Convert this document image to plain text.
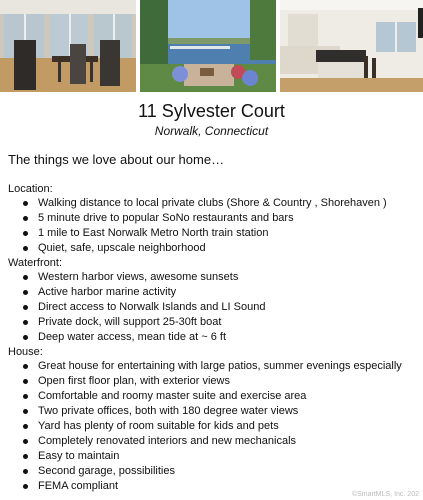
11 Sylvester Court
Norwalk, Connecticut
The things we love about our home…
Location:
Walking distance to local private clubs (Shore & Country , Shorehaven )
5 minute drive to popular SoNo restaurants and bars
1 mile to East Norwalk Metro North train station
Quiet, safe, upscale neighborhood
Waterfront:
Western harbor views, awesome sunsets
Active harbor marine activity
Direct access to Norwalk Islands and LI Sound
Private dock, will support 25-30ft boat
Deep water access, mean tide at ~ 6 ft
House:
Great house for entertaining with large patios, summer evenings especially
Open first floor plan, with exterior views
Comfortable and roomy master suite and exercise area
Two private offices, both with 180 degree water views
Yard has plenty of room suitable for kids and pets
Completely renovated interiors and new mechanicals
Easy to maintain
Second garage, possibilities
FEMA compliant
©SmartMLS, Inc. 202
